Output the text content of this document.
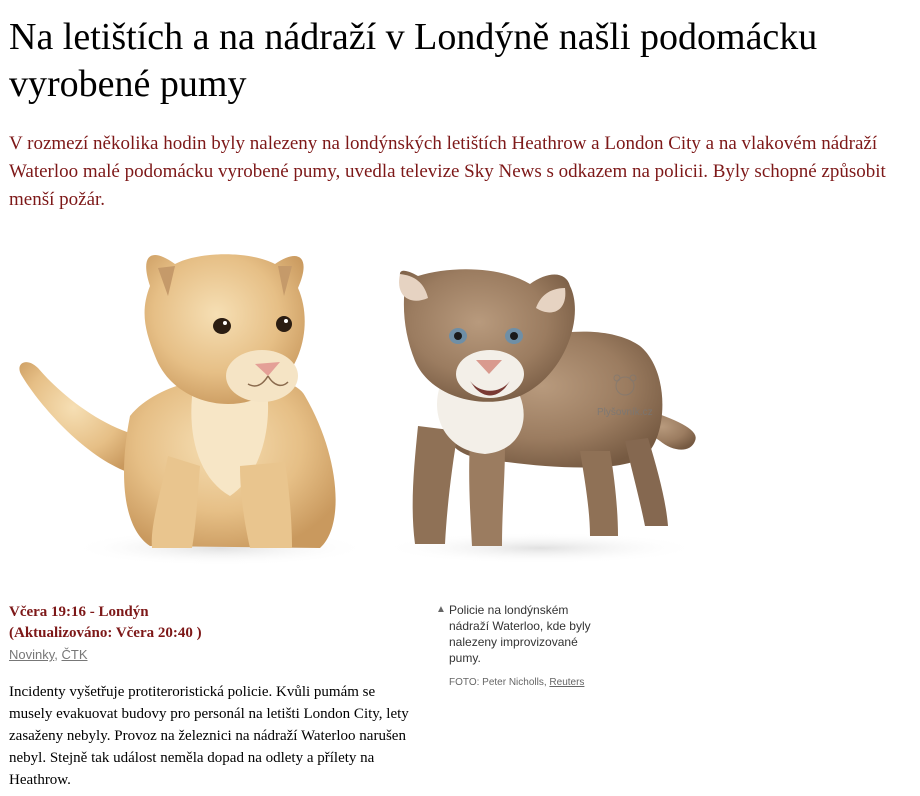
Na letištích a na nádraží v Londýně našli podomácku vyrobené pumy

V rozmezí několika hodin byly nalezeny na londýnských letištích Heathrow a London City a na vlakovém nádraží Waterloo malé podomácku vyrobené pumy, uvedla televize Sky News s odkazem na policii. Byly schopné způsobit menší požár.

Plyšovník.cz
Včera 19:16 - Londýn
(Aktualizováno: Včera 20:40 )
Novinky, ČTK
▲ Policie na londýnském nádraží Waterloo, kde byly nalezeny improvizované pumy.
FOTO: Peter Nicholls, Reuters

Incidenty vyšetřuje protiteroristická policie. Kvůli pumám se musely evakuovat budovy pro personál na letišti London City, lety zasaženy nebyly. Provoz na železnici na nádraží Waterloo narušen nebyl. Stejně tak událost neměla dopad na odlety a přílety na Heathrow.
